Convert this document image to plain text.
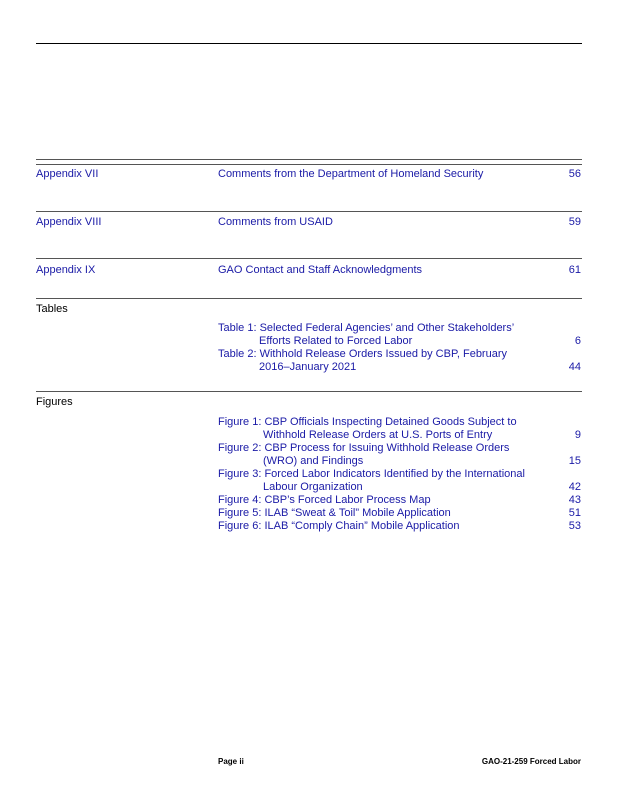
Appendix VII	Comments from the Department of Homeland Security	56
Appendix VIII	Comments from USAID	59
Appendix IX	GAO Contact and Staff Acknowledgments	61
Tables
Table 1: Selected Federal Agencies’ and Other Stakeholders’
Efforts Related to Forced Labor	6
Table 2: Withhold Release Orders Issued by CBP, February
2016–January 2021	44
Figures
Figure 1: CBP Officials Inspecting Detained Goods Subject to
Withhold Release Orders at U.S. Ports of Entry	9
Figure 2: CBP Process for Issuing Withhold Release Orders
(WRO) and Findings	15
Figure 3: Forced Labor Indicators Identified by the International
Labour Organization	42
Figure 4: CBP’s Forced Labor Process Map	43
Figure 5: ILAB “Sweat & Toil” Mobile Application	51
Figure 6: ILAB “Comply Chain” Mobile Application	53
Page ii	GAO-21-259 Forced Labor
